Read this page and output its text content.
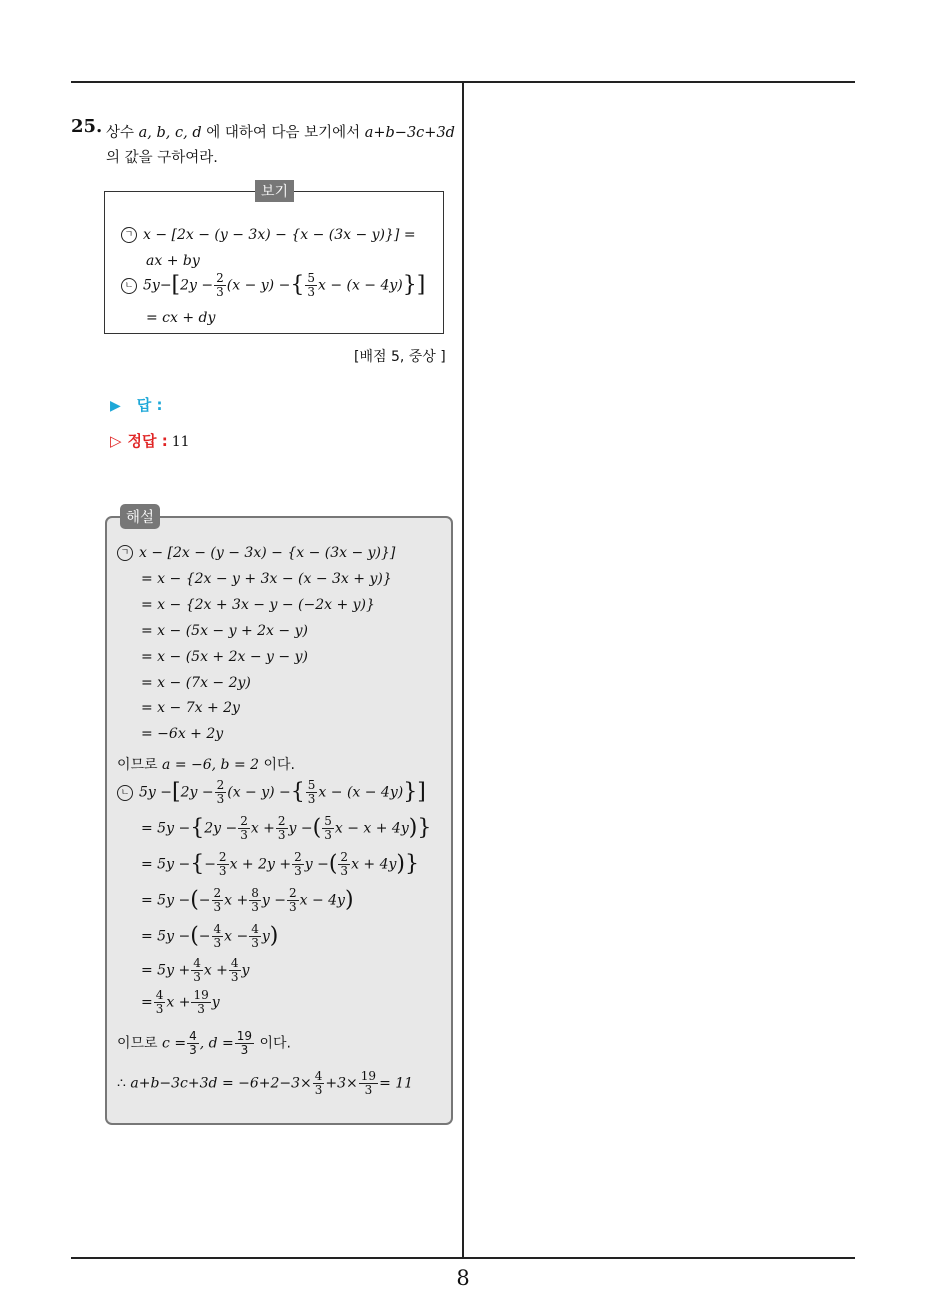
25. 상수 a, b, c, d 에 대하여 다음 보기에서 a+b−3c+3d
의 값을 구하여라.
보기
ㄱ x − [2x − (y − 3x) − {x − (3x − y)}] =
ax + by
ㄴ $5y-[2y - \frac{2}{3} (x - y)$ −{ $\frac{5}{3}$ x − (x − 4y)}]
= cx + dy
[배점 5, 중상 ]
▶ 답 :
▷ 정답 : 11
해설
ㄱ x − [2x − (y − 3x) − {x − (3x − y)}]
= x − {2x − y + 3x − (x − 3x + y)}
= x − {2x + 3x − y − (−2x + y)}
= x − (5x − y + 2x − y)
= x − (5x + 2x − y − y)
= x − (7x − 2y)
= x − 7x + 2y
= −6x + 2y
이므로 a = −6, b = 2 이다.
ㄴ $5y -[2y - \frac{2}{3} (x - y)$ −{ $\frac{5}{3}$ x − (x − 4y)}]
= $5y -\{2y - \frac{2}{3}$ $x + \frac{2}{3}$ y −( $\frac{5}{3}$ x − x + 4y)}
= 5y −{− $\frac{2}{3}$ $x + 2y + \frac{2}{3}$ y −( $\frac{2}{3}$ x + 4y)}
= 5y −(− $\frac{2}{3}$ $x + \frac{8}{3}$ $y - \frac{2}{3}$ x − 4y)
= 5y −(− $\frac{4}{3}$ $x - \frac{4}{3} y$)
= $5y + \frac{4}{3}$ $x + \frac{4}{3}$ y
= $\frac{4}{3}$ $x + \frac{19}{3}$ y
이므로 $c = \frac{4}{3}$ , $d = \frac{19}{3}$ 이다.
∴ $a+b-3c+3d = -6+2-3\times \frac{4}{3} +3\times \frac{19}{3} = 11$
8
